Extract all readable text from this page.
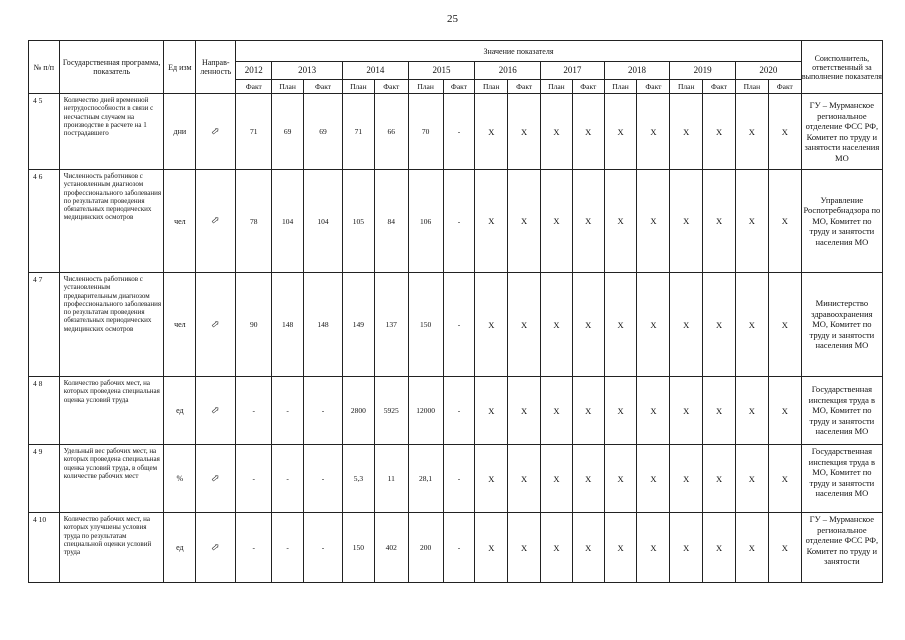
25
№ п/п	Государственная программа, показатель	Ед изм	Направ-ленность	Значение показателя																	Соисполнитель, ответственный за выполнение показателя
				2012	2013		2014		2015		2016		2017		2018		2019		2020		
				Факт	План	Факт	План	Факт	План	Факт	План	Факт	План	Факт	План	Факт	План	Факт	План	Факт	
4 5	Количество дней временной нетрудоспособности в связи с несчастным случаем на производстве в расчете на 1 пострадавшего	дни	⇨	71	69	69	71	66	70	-	X	X	X	X	X	X	X	X	X	X	ГУ – Мурманское региональное отделение ФСС РФ, Комитет по труду и занятости населения МО
4 6	Численность работников с установленным диагнозом профессионального заболевания по результатам проведения обязательных периодических медицинских осмотров	чел	⇨	78	104	104	105	84	106	-	X	X	X	X	X	X	X	X	X	X	Управление Роспотребнадзора по МО, Комитет по труду и занятости населения МО
4 7	Численность работников с установленным предварительным диагнозом профессионального заболевания по результатам проведения обязательных периодических медицинских осмотров	чел	⇨	90	148	148	149	137	150	-	X	X	X	X	X	X	X	X	X	X	Министерство здравоохранения МО, Комитет по труду и занятости населения МО
4 8	Количество рабочих мест, на которых проведена специальная оценка условий труда	ед	⇨	-	-	-	2800	5925	12000	-	X	X	X	X	X	X	X	X	X	X	Государственная инспекция труда в МО, Комитет по труду и занятости населения МО
4 9	Удельный вес рабочих мест, на которых проведена специальная оценка условий труда, в общем количестве рабочих мест	%	⇨	-	-	-	5,3	11	28,1	-	X	X	X	X	X	X	X	X	X	X	Государственная инспекция труда в МО, Комитет по труду и занятости населения МО
4 10	Количество рабочих мест, на которых улучшены условия труда по результатам специальной оценки условий труда	ед	⇨	-	-	-	150	402	200	-	X	X	X	X	X	X	X	X	X	X	ГУ – Мурманское региональное отделение ФСС РФ, Комитет по труду и занятости
